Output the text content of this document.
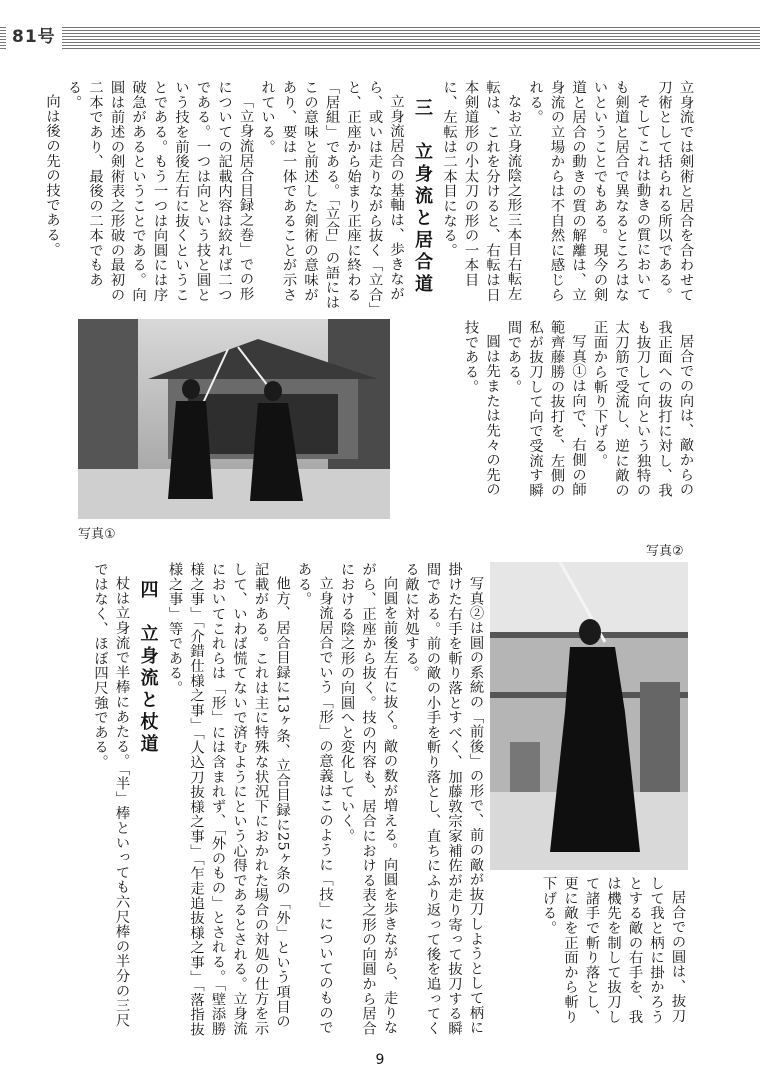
81号

立身流では剣術と居合を合わせて刀術として括られる所以である。

そしてこれは動きの質においても剣道と居合で異なるところはないということでもある。現今の剣道と居合の動きの質の解離は、立身流の立場からは不自然に感じられる。

なお立身流陰之形三本目右転左転は、これを分けると、右転は日本剣道形の小太刀の形の一本目に、左転は二本目になる。

三　立身流と居合道

立身流居合の基軸は、歩きながら、或いは走りながら抜く「立合」と、正座から始まり正座に終わる「居組」である。「立合」の語にはこの意味と前述した剣術の意味があり、要は一体であることが示されている。

「立身流居合目録之巻」での形についての記載内容は絞れば二つである。一つは向という技と圓という技を前後左右に抜くということである。もう一つは向圓には序破急があるということである。向圓は前述の剣術表之形破の最初の二本であり、最後の二本でもある。

向は後の先の技である。

居合での向は、敵からの我正面への抜打に対し、我も抜刀して向という独特の太刀筋で受流し、逆に敵の正面から斬り下げる。

写真①は向で、右側の師範齊藤勝の抜打を、左側の私が抜刀して向で受流す瞬間である。

圓は先または先々の先の技である。

写真①
写真②

居合での圓は、抜刀して我と柄に掛かろうとする敵の右手を、我は機先を制して抜刀して諸手で斬り落とし、更に敵を正面から斬り下げる。

写真②は圓の系統の「前後」の形で、前の敵が抜刀しようとして柄に掛けた右手を斬り落とすべく、加藤敦宗家補佐が走り寄って抜刀する瞬間である。前の敵の小手を斬り落とし、直ちにふり返って後を追ってくる敵に対処する。

向圓を前後左右に抜く。敵の数が増える。向圓を歩きながら、走りながら、正座から抜く。技の内容も、居合における表之形の向圓から居合における陰之形の向圓へと変化していく。

立身流居合でいう「形」の意義はこのように「技」についてのものである。

他方、居合目録に13ヶ条、立合目録に25ヶ条の「外」という項目の記載がある。これは主に特殊な状況下におかれた場合の対処の仕方を示して、いわば慌てないで済むようにという心得であるとされる。立身流においてこれらは「形」には含まれず、「外のもの」とされる。「壁添勝様之事」「介錯仕様之事」「人込刀抜様之事」「乍走追抜様之事」「落指抜様之事」等である。

四　立身流と杖道

杖は立身流で半棒にあたる。「半」棒といっても六尺棒の半分の三尺ではなく、ほぼ四尺強である。

9
